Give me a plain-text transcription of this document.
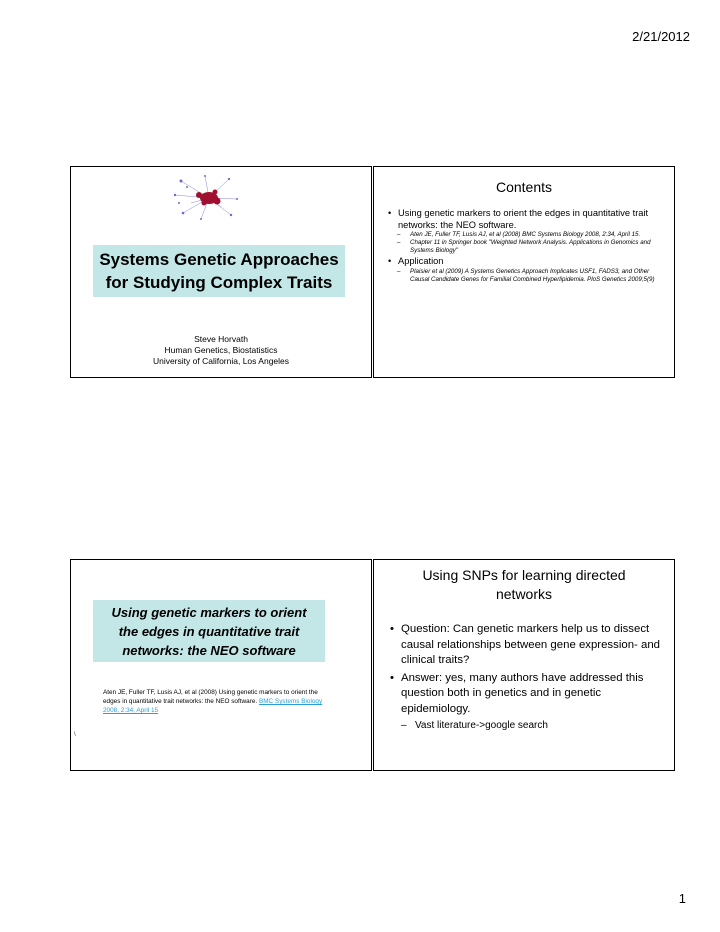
2/21/2012
Systems Genetic Approaches
for Studying Complex Traits
Steve Horvath
Human Genetics, Biostatistics
University of California, Los Angeles
Contents
• Using genetic markers to orient the edges in quantitative trait networks: the NEO software.
– Aten JE, Fuller TF, Lusis AJ, et al (2008) BMC Systems Biology 2008, 2:34, April 15.
– Chapter 11 in Springer book "Weighted Network Analysis. Applications in Genomics and Systems Biology"
• Application
– Plaisier et al (2009) A Systems Genetics Approach Implicates USF1, FADS3, and Other Causal Candidate Genes for Familial Combined Hyperlipidemia. PloS Genetics 2009;5(9)
Using genetic markers to orient
the edges in quantitative trait
networks: the NEO software
Aten JE, Fuller TF, Lusis AJ, et al (2008) Using genetic markers to orient the edges in quantitative trait networks: the NEO software. BMC Systems Biology 2008, 2:34, April 15
\
Using SNPs for learning directed
networks
• Question: Can genetic markers help us to dissect causal relationships between gene expression- and clinical traits?
• Answer: yes, many authors have addressed this question both in genetics and in genetic epidemiology.
– Vast literature->google search
1
